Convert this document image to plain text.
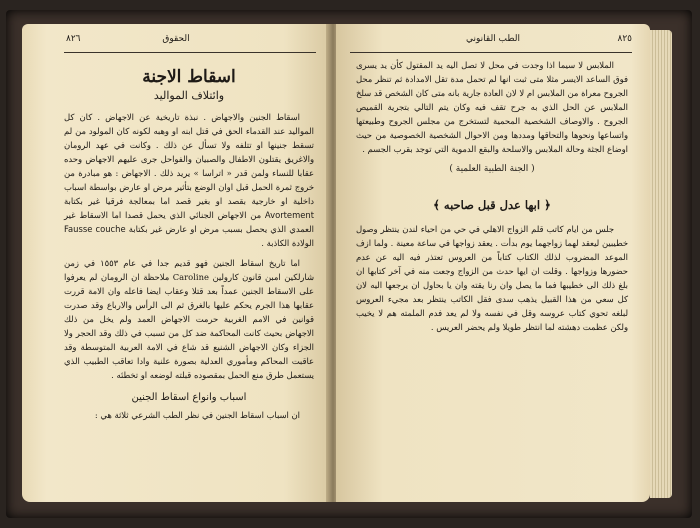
٨٢٦	الحقوق
اسقاط الاجنة
وائتلاف المواليد

اسقاط الجنين والاجهاض . نبذة تاريخية عن الاجهاض . كان كل المواليد عند القدماء الحق في قتل ابنه او وهبه لكونه كان المولود من لم تسقط جنينها او تتلفه ولا تسأل عن ذلك . وكانت في عهد الرومان والاغريق يقتلون الاطفال والصبيان والفواحل جرى عليهم الاجهاض وحده عقابا للنساء ولمن قدر « اتراسا » يريد ذلك . الاجهاض : هو مبادرة من خروج ثمرة الحمل قبل اوان الوضع بتأثير مرض او عارض بواسطة اسباب داخلية او خارجية بقصد او بغير قصد اما بمعالجة فرقيا غير بكتابة Avortement من الاجهاض الجنائي الذي يحمل قصدا اما الاسقاط غير العمدي الذي يحصل بسبب مرض او عارض غير بكتابة Fausse couche الولادة الكاذبة .

اما تاريخ اسقاط الجنين فهو قديم جدا في عام ١٥٥٣ في زمن شارلكين امبن قانون كارولين Caroline ملاحظة ان الرومان لم يعرفوا على الاسقاط الجنين عمداً بعد قتلا وعقاب ايضا فاعله وان الامة قررت عقابها هذا الجرم يحكم عليها بالغرق ثم الى الرأس والارباع وقد صدرت قوانين في الامم الغربية حرمت الاجهاض العمد ولم يخل من ذلك الاجهاض بحيث كانت المحاكمة ضد كل من تسبب في ذلك وقد الحجر ولا الجزاء وكان الاجهاض الشنيع قد شاع في الامة العربية المتوسطة وقد عاقبت المحاكم ومأموري العدلية بصورة علنية وادا تعاقب الطبيب الذي يستعمل طرق منع الحمل بمقصوده قبلته لوضعه او تخطئه .

اسباب وانواع اسقاط الجنين

ان اسباب اسقاط الجنين في نظر الطب الشرعي ثلاثة هي :

٨٢٥
الطب القانوني

الملابس لا سيما اذا وجدت في محل لا تصل اليه يد المقتول كأن يد يسرى فوق الساعد الايسر مثلا متى ثبت انها لم تحمل مدة تقل الامدادة ثم تنظر محل الجروح معراة من الملابس ام لا لان العادة جارية بانه متى كان الشخص قد سلخ الملابس عن الحل الذي به جرح تقف فيه وكان يتم التالي بتجرية القميص الجروح . والاوصاف الشخصية المحمية لتستخرج من مجلس الجروح وطبيعتها واتساعها ونحوها والتحاقها ومددها ومن الاحوال الشخصية الخصوصية من حيث اوضاع الجثة وحالة الملابس والاسلحة والبقع الدموية التي توجد بقرب الجسم .

( الجنة الطبية العلمية )
﴿ ابها عدل قبل صاحبه ﴾

جلس من ايام كاتب قلم الزواج الاهلي في حي من احياء لندن ينتظر وصول خطيبين ليعقد لهما زواجهما يوم بدأت . يعقد زواجها في ساعة معينة . ولما ازف الموعد المضروب لذلك الكتاب كتاباً من العروس تعتذر فيه اليه عن عدم حضورها وزواجها . وقلت ان ايها حدث من الزواج وجعت منه في آخر كتابها ان بلغ ذلك الى خطيبها فما ما يصل وان رنا يقته وان يا بحاول ان يرجعها اليه لان كل سعي من هذا القبيل يذهب سدى فقل الكاتب ينتظر بعد مجيء العروس لبلغه تحوي كتاب عروسه وقل في نفسه ولا لم يعد فدم الملمته هم لا يخيب ولكن عظمت دهشته لما انتظر طويلا ولم يحضر العريس .
